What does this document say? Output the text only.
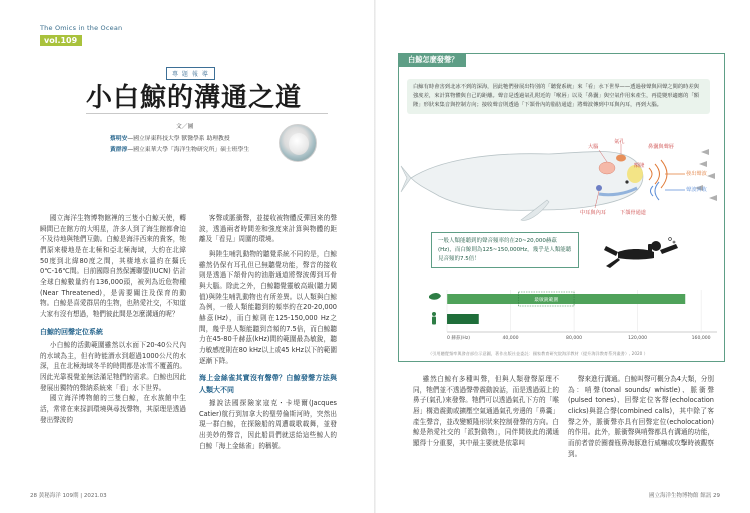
The Omics in the Ocean
vol.109
專 題 報 導
小白鯨的溝通之道
文／圖
蔡明安—國立屏東科技大學 獸醫學系 助理教授
黃群淳—國立東華大學「海洋生物研究所」碩士班學生

國立海洋生物博物館裡的三隻小白鯨天使，轉瞬間已在館方的大明星，許多人到了海生館都會迫不及待地與牠們互動。白鯨是海洋西來的貴客，牠們原來棲地是在北極和亞北極海域，大約在北緯50度到北緯80度之間，其棲地水溫約在攝氏0℃-16℃間。目前國際自然保護聯盟(IUCN) 估計全球白鯨數量約有136,000頭，被列為近危物種(Near Threatened)，是需要關注及保育的動物。白鯨是喜愛群居的生物，也熱愛社交，不知道大家有沒有想過，牠們彼此間是怎麼溝通的呢？

白鯨的回聲定位系統

小白鯨的活動範圍雖然以水面下20-40公尺內的水域為主，但有時能潛水到超過1000公尺的水深，且在北極海域冬半的時間都是冰雪不覆蓋的。因此光靠視覺並無法滿足牠們的需求。白鯨也因此發展出獨特的聲納系統來「看」水下世界。

國立海洋博物館的三隻白鯨，在水族館中生活，常常在來採訓環境與尋找聲物，其原理是透過發出聲波的

客聲或脈衝聲，並接收被物體反彈回來的聲波，透過兩者時間差和強度來計算與物體的距離及「看見」周圍的環境。

與陸生哺乳動物的聽覺系統不同的是，白鯨雖然仍保有耳孔但已無聽覺功能，聲音的接收則是透過下頷骨內的油脂通道將聲波傳到耳骨與大腦。除此之外，白鯨聽覺靈敏高級(聽力閾值)與陸生哺乳動物也有所差異。以人類與白鯨為例，一般人類能聽到的頻率約在20-20,000赫茲(Hz)，而白鯨則在125-150,000 Hz之間，幾乎是人類能聽到音頻的7.5倍，而白鯨聽力在45-80千赫茲(kHz)間的範圍最為敏銳，聽力敏感度則在80 kHz以上或45 kHz以下的範圍逐漸下降。

海上金絲雀其實沒有聲帶？白鯨發聲方法與人類大不同

據說法國探險家寇克・卡堤爾(Jacques Catier)航行到加拿大的聖勞倫斯河時，突然出現一群白鯨，在探險船的周遭載歌載舞，並發出美妙的聲音，因此船員們就送給這些鯨人的白鯨「海上金絲雀」的稱號。

28 黃秘海洋 109期 | 2021.03
白鯨怎麼發聲？
白鯨有時會害到北冰不到的深海，因此牠們發展出特別的「聽覺系統」來「看」水下世界——透過發聲與回聲之間的時差與強度差，來計算物體與自己的距離。聲音是透過氣孔附近的「喉唇」以及「鼻囊」與空氣作用來產生，再從變形適應的「額隆」形狀來集音與控制方向；接收聲音則透過「下頷骨內的脂肪通道」將聲波傳到中耳與內耳，再到大腦。
大腦
氣孔
鼻囊與聲唇
額隆
發出聲波
聲波回收
中耳與內耳	下頷骨通道
一般人類能聽到的聲音頻率約在20~20,000赫茲(Hz)，而白鯨則為125~150,000Hz，幾乎是人類能聽見音頻的7.5倍！
0 赫茲(Hz)	40,000	80,000	120,000	160,000
最敏銳範圍
（引用聽覺頻率與發音部位示意圖，著作出版社並委託：國家教育研究院海洋教材（提升海洋教育系列叢書）, 2020 ）

雖然白鯨有多種叫聲，但與人類發聲原理不同，牠們並不透過聲帶震動說話，而是透過頭上的鼻子(氣孔)來發聲。牠們可以透過氣孔下方的「喉唇」構造震動或擴壓空氣通過氣孔旁邊的「鼻囊」產生聲音，並改變額隆形狀來控制發聲的方向。白鯨是熱愛社交的「派對動物」，同伴間彼此的溝通顯得十分重要，其中最主要就是依靠叫

聲來進行溝通。白鯨叫聲可概分為4大類，分別為：哨聲(tonal sounds/ whistle)、脈衝聲 (pulsed tones)、回聲定位客聲(echolocation clicks)與混合聲(combined calls)，其中除了客聲之外，脈衝聲亦具有回聲定位(echolocation)的作用。此外，脈衝聲與哨聲都具有溝通的功能，而前者曾於圈養瓶鼻海豚進行威嚇或攻擊時被觀察到。

國立海洋生物博物館 館訊 29
